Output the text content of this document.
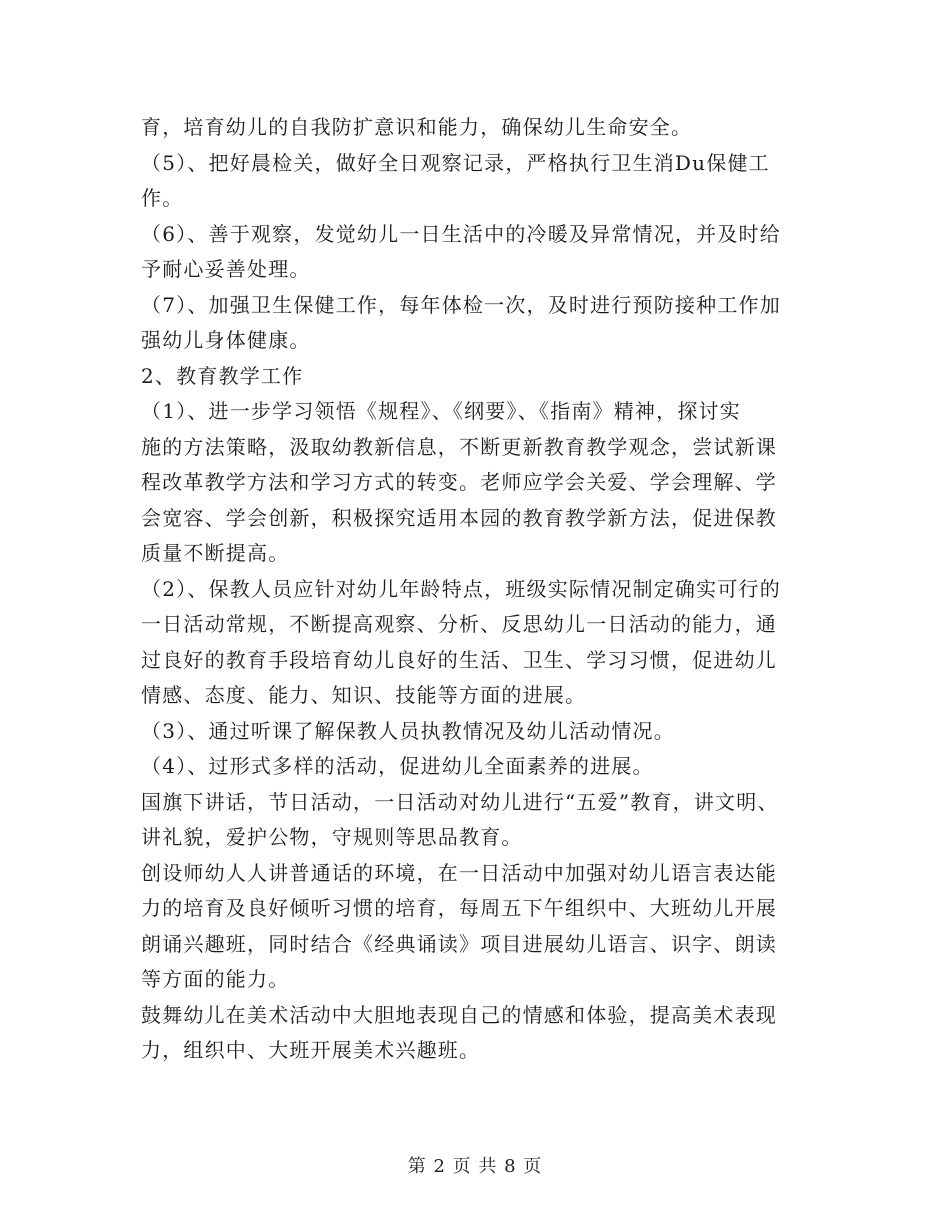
育，培育幼儿的自我防扩意识和能力，确保幼儿生命安全。
（5）、把好晨检关，做好全日观察记录，严格执行卫生消Du保健工
作。
（6）、善于观察，发觉幼儿一日生活中的冷暖及异常情况，并及时给
予耐心妥善处理。
（7）、加强卫生保健工作，每年体检一次，及时进行预防接种工作加
强幼儿身体健康。
2、教育教学工作
（1）、进一步学习领悟《规程》、《纲要》、《指南》精神，探讨实
施的方法策略，汲取幼教新信息，不断更新教育教学观念，尝试新课
程改革教学方法和学习方式的转变。老师应学会关爱、学会理解、学
会宽容、学会创新，积极探究适用本园的教育教学新方法，促进保教
质量不断提高。
（2）、保教人员应针对幼儿年龄特点，班级实际情况制定确实可行的
一日活动常规，不断提高观察、分析、反思幼儿一日活动的能力，通
过良好的教育手段培育幼儿良好的生活、卫生、学习习惯，促进幼儿
情感、态度、能力、知识、技能等方面的进展。
（3）、通过听课了解保教人员执教情况及幼儿活动情况。
（4）、过形式多样的活动，促进幼儿全面素养的进展。
国旗下讲话，节日活动，一日活动对幼儿进行“五爱”教育，讲文明、
讲礼貌，爱护公物，守规则等思品教育。
创设师幼人人讲普通话的环境，在一日活动中加强对幼儿语言表达能
力的培育及良好倾听习惯的培育，每周五下午组织中、大班幼儿开展
朗诵兴趣班，同时结合《经典诵读》项目进展幼儿语言、识字、朗读
等方面的能力。
鼓舞幼儿在美术活动中大胆地表现自己的情感和体验，提高美术表现
力，组织中、大班开展美术兴趣班。
第 2 页 共 8 页
